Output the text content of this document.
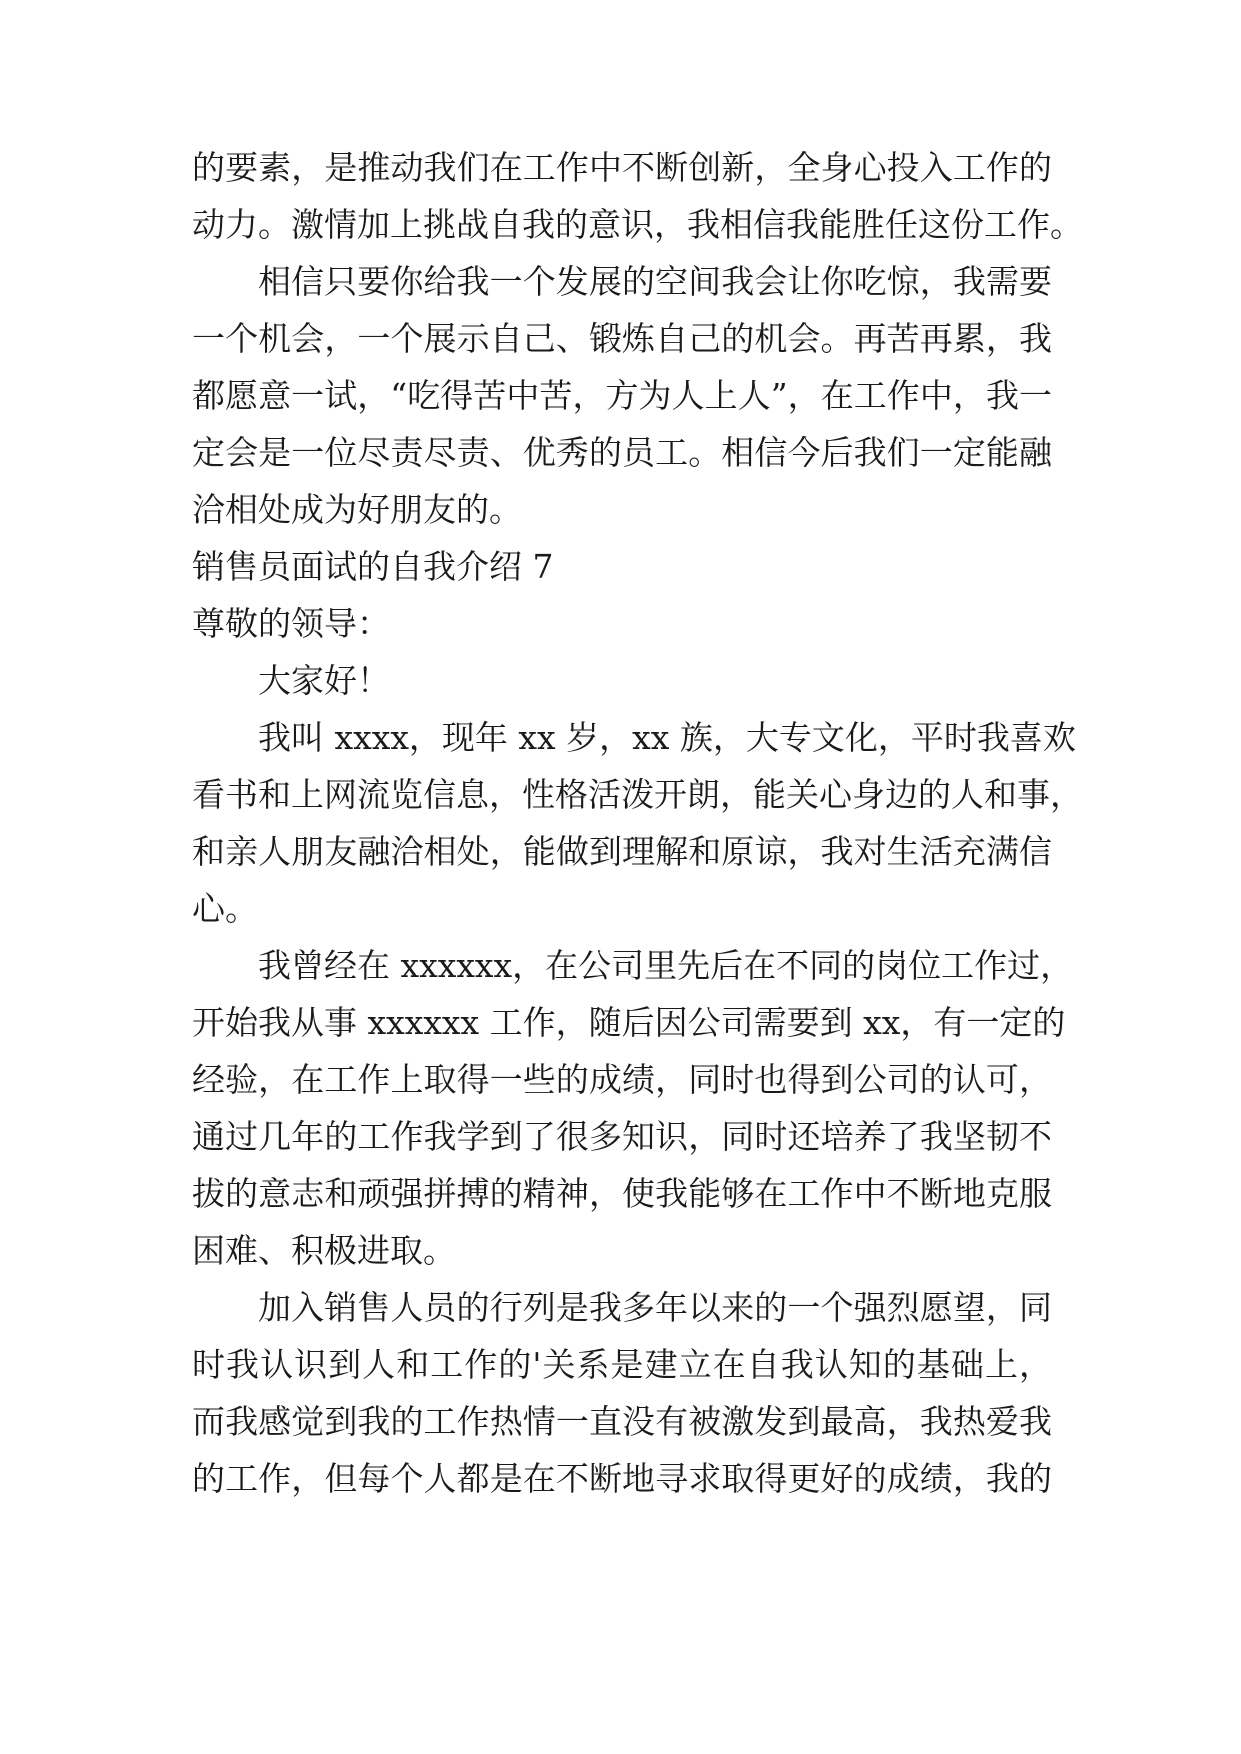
的要素，是推动我们在工作中不断创新，全身心投入工作的
动力。激情加上挑战自我的意识，我相信我能胜任这份工作。
相信只要你给我一个发展的空间我会让你吃惊，我需要
一个机会，一个展示自己、锻炼自己的机会。再苦再累，我
都愿意一试，“吃得苦中苦，方为人上人”，在工作中，我一
定会是一位尽责尽责、优秀的员工。相信今后我们一定能融
洽相处成为好朋友的。
销售员面试的自我介绍 7
尊敬的领导：
大家好！
我叫 xxxx，现年 xx 岁，xx 族，大专文化，平时我喜欢
看书和上网流览信息，性格活泼开朗，能关心身边的人和事，
和亲人朋友融洽相处，能做到理解和原谅，我对生活充满信
心。
我曾经在 xxxxxx，在公司里先后在不同的岗位工作过，
开始我从事 xxxxxx 工作，随后因公司需要到 xx，有一定的
经验，在工作上取得一些的成绩，同时也得到公司的认可，
通过几年的工作我学到了很多知识，同时还培养了我坚韧不
拔的意志和顽强拼搏的精神，使我能够在工作中不断地克服
困难、积极进取。
加入销售人员的行列是我多年以来的一个强烈愿望，同
时我认识到人和工作的'关系是建立在自我认知的基础上，
而我感觉到我的工作热情一直没有被激发到最高，我热爱我
的工作，但每个人都是在不断地寻求取得更好的成绩，我的
